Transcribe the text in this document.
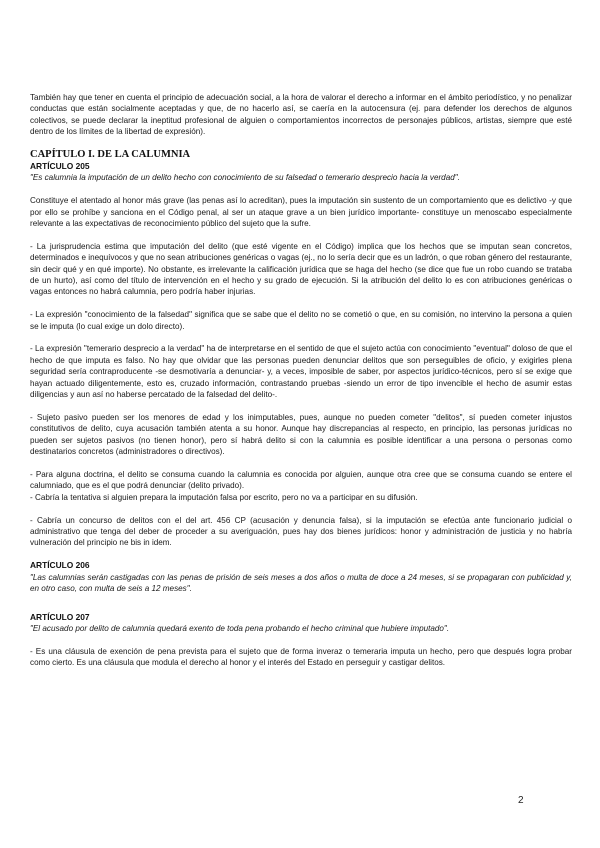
También hay que tener en cuenta el principio de adecuación social, a la hora de valorar el derecho a informar en el ámbito periodístico, y no penalizar conductas que están socialmente aceptadas y que, de no hacerlo así, se caería en la autocensura (ej. para defender los derechos de algunos colectivos, se puede declarar la ineptitud profesional de alguien o comportamientos incorrectos de personajes públicos, artistas, siempre que esté dentro de los límites de la libertad de expresión).

CAPÍTULO I. DE LA CALUMNIA
ARTÍCULO 205

"Es calumnia la imputación de un delito hecho con conocimiento de su falsedad o temerario desprecio hacia la verdad".

Constituye el atentado al honor más grave (las penas así lo acreditan), pues la imputación sin sustento de un comportamiento que es delictivo -y que por ello se prohíbe y sanciona en el Código penal, al ser un ataque grave a un bien jurídico importante- constituye un menoscabo especialmente relevante a las expectativas de reconocimiento público del sujeto que la sufre.

- La jurisprudencia estima que imputación del delito (que esté vigente en el Código) implica que los hechos que se imputan sean concretos, determinados e inequívocos y que no sean atribuciones genéricas o vagas (ej., no lo sería decir que es un ladrón, o que roban género del restaurante, sin decir qué y en qué importe). No obstante, es irrelevante la calificación jurídica que se haga del hecho (se dice que fue un robo cuando se trataba de un hurto), así como del título de intervención en el hecho y su grado de ejecución. Si la atribución del delito lo es con atribuciones genéricas o vagas entonces no habrá calumnia, pero podría haber injurias.

- La expresión "conocimiento de la falsedad" significa que se sabe que el delito no se cometió o que, en su comisión, no intervino la persona a quien se le imputa (lo cual exige un dolo directo).

- La expresión "temerario desprecio a la verdad" ha de interpretarse en el sentido de que el sujeto actúa con conocimiento "eventual" doloso de que el hecho de que imputa es falso. No hay que olvidar que las personas pueden denunciar delitos que son perseguibles de oficio, y exigirles plena seguridad sería contraproducente -se desmotivaría a denunciar- y, a veces, imposible de saber, por aspectos jurídico-técnicos, pero sí se exige que hayan actuado diligentemente, esto es, cruzado información, contrastando pruebas -siendo un error de tipo invencible el hecho de asumir estas diligencias y aun así no haberse percatado de la falsedad del delito-.

- Sujeto pasivo pueden ser los menores de edad y los inimputables, pues, aunque no pueden cometer "delitos", sí pueden cometer injustos constitutivos de delito, cuya acusación también atenta a su honor. Aunque hay discrepancias al respecto, en principio, las personas jurídicas no pueden ser sujetos pasivos (no tienen honor), pero sí habrá delito si con la calumnia es posible identificar a una persona o personas como destinatarios concretos (administradores o directivos).

- Para alguna doctrina, el delito se consuma cuando la calumnia es conocida por alguien, aunque otra cree que se consuma cuando se entere el calumniado, que es el que podrá denunciar (delito privado).

- Cabría la tentativa si alguien prepara la imputación falsa por escrito, pero no va a participar en su difusión.

- Cabría un concurso de delitos con el del art. 456 CP (acusación y denuncia falsa), si la imputación se efectúa ante funcionario judicial o administrativo que tenga del deber de proceder a su averiguación, pues hay dos bienes jurídicos: honor y administración de justicia y no habría vulneración del principio ne bis in idem.

ARTÍCULO 206

"Las calumnias serán castigadas con las penas de prisión de seis meses a dos años o multa de doce a 24 meses, si se propagaran con publicidad y, en otro caso, con multa de seis a 12 meses".

ARTÍCULO 207

"El acusado por delito de calumnia quedará exento de toda pena probando el hecho criminal que hubiere imputado".

- Es una cláusula de exención de pena prevista para el sujeto que de forma inveraz o temeraria imputa un hecho, pero que después logra probar como cierto. Es una cláusula que modula el derecho al honor y el interés del Estado en perseguir y castigar delitos.

2
